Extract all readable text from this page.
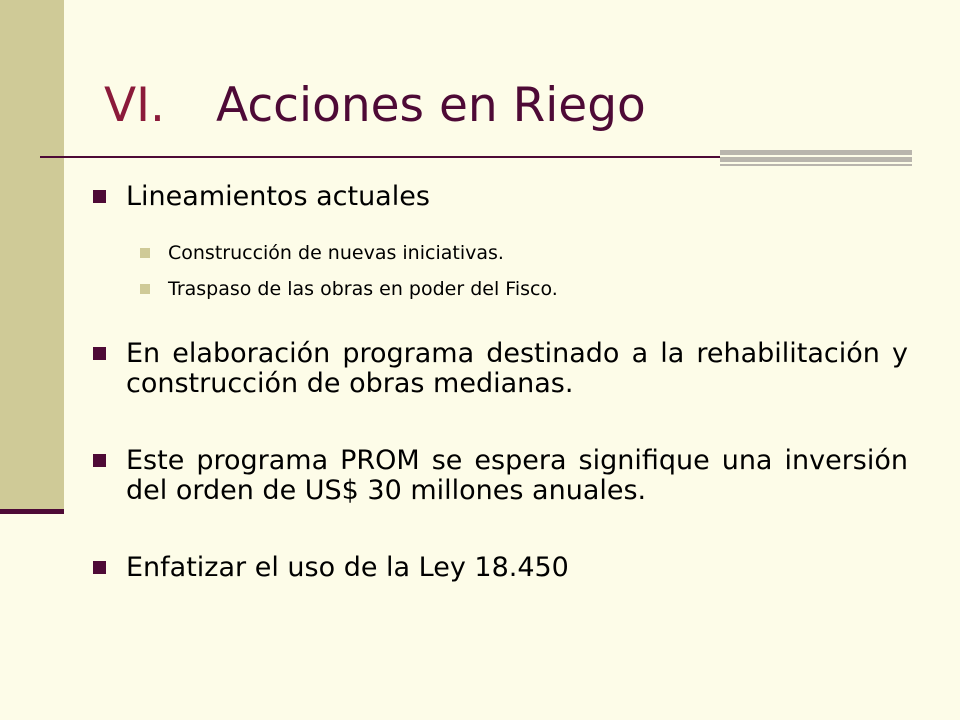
VI.	Acciones en Riego
Lineamientos actuales
Construcción de nuevas iniciativas.
Traspaso de las obras en poder del Fisco.
En elaboración programa destinado a la rehabilitación y construcción de obras medianas.
Este programa PROM se espera signifique una inversión del orden de US$ 30 millones anuales.
Enfatizar el uso de la Ley 18.450
